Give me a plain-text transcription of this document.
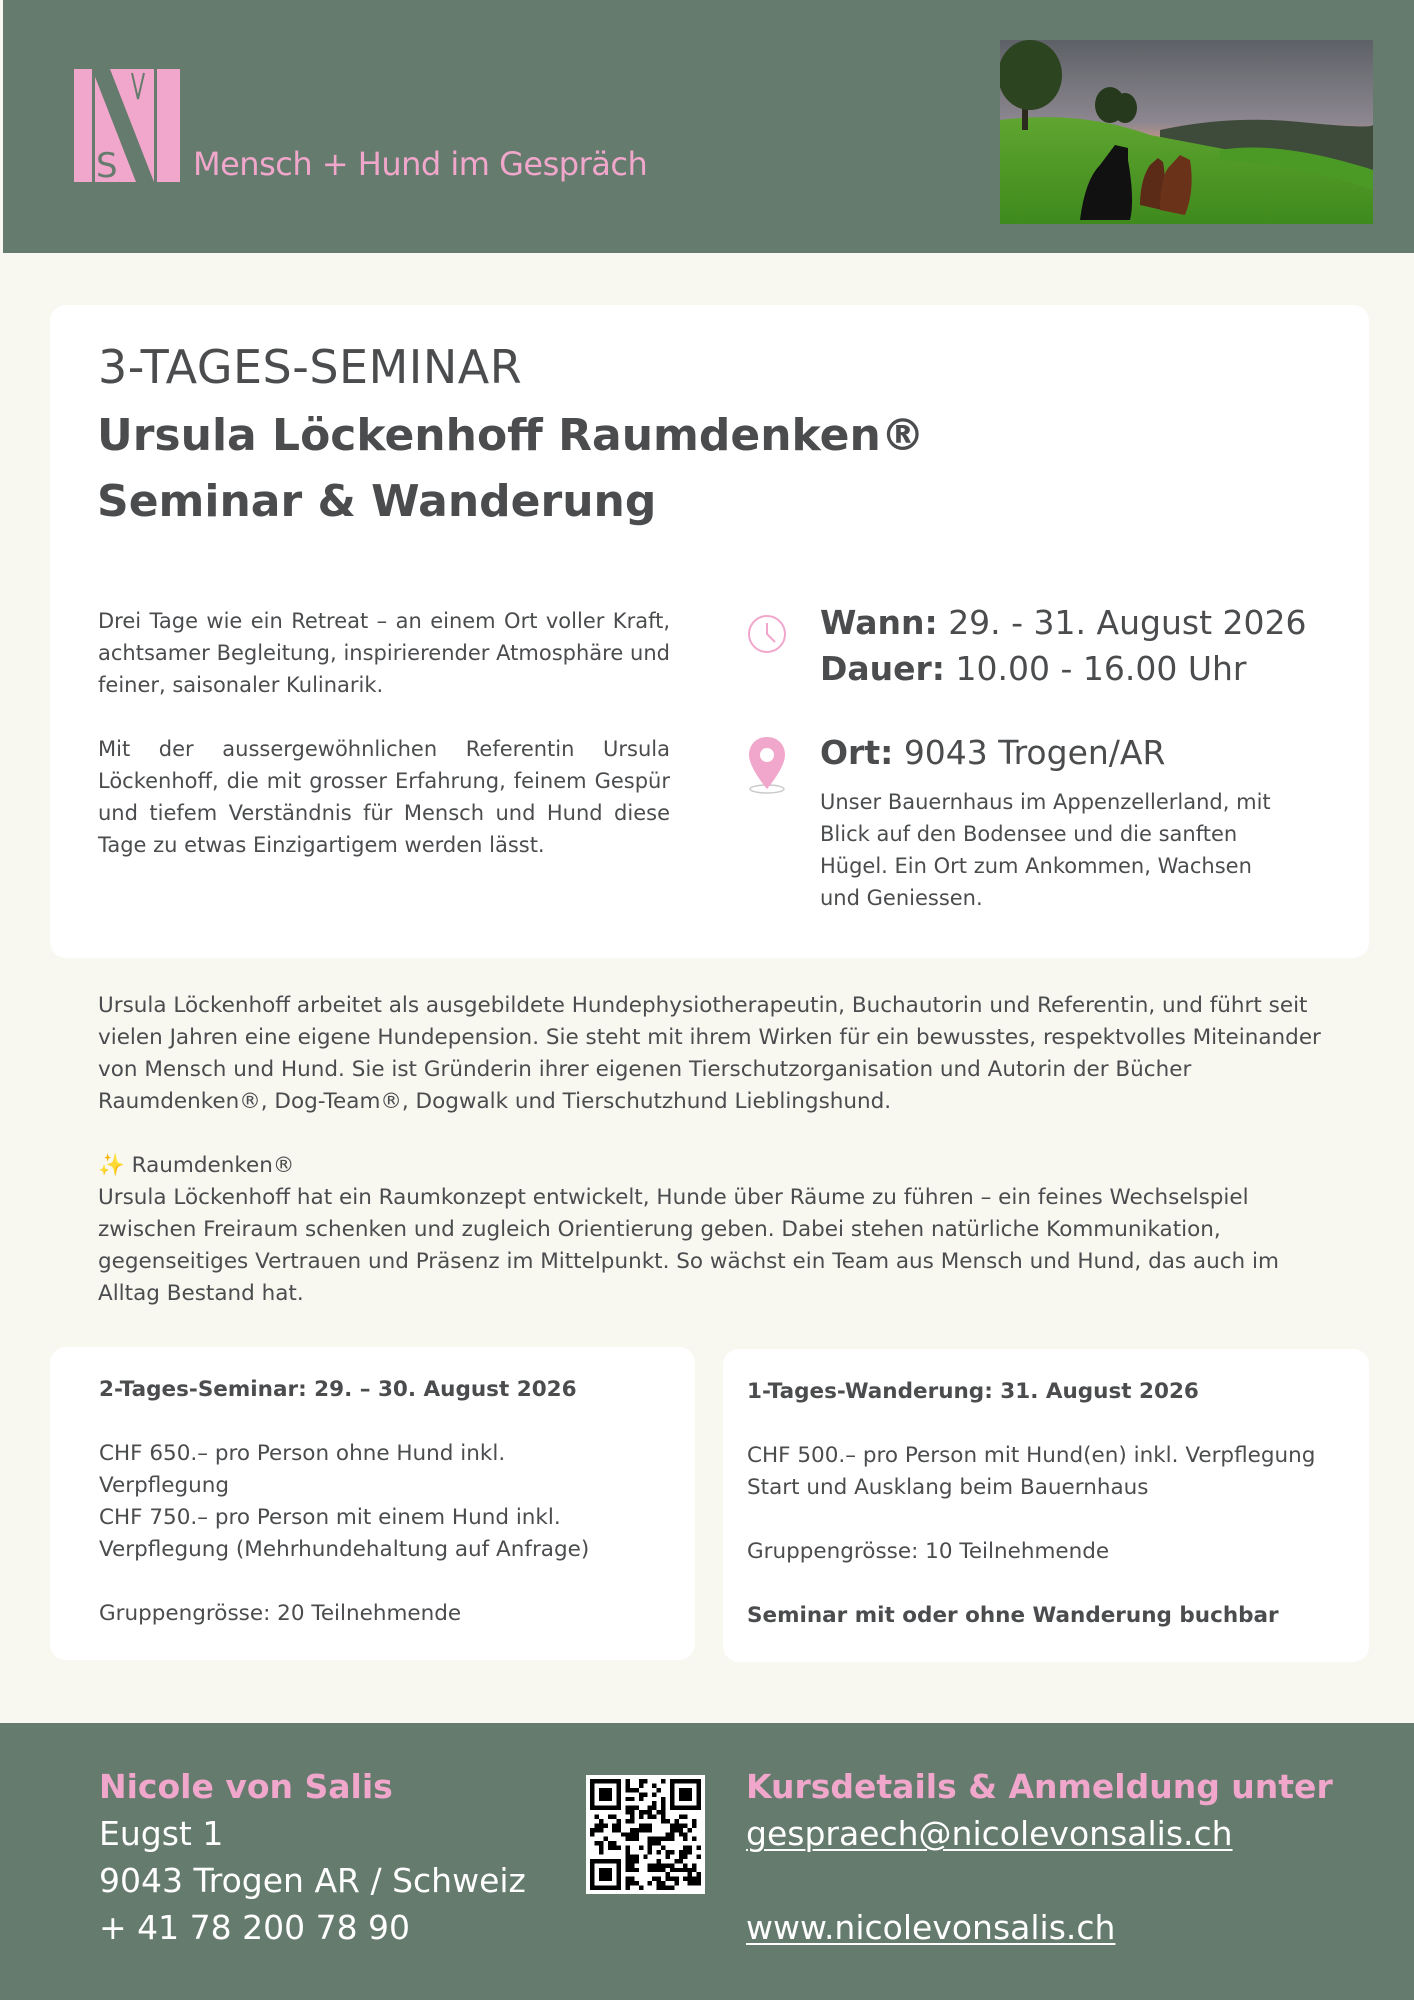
S Mensch + Hund im Gespräch
3-TAGES-SEMINAR
Ursula Löckenhoff Raumdenken®
Seminar & Wanderung

Drei Tage wie ein Retreat – an einem Ort voller Kraft, achtsamer Begleitung, inspirierender Atmosphäre und feiner, saisonaler Kulinarik.

Mit der aussergewöhnlichen Referentin Ursula Löckenhoff, die mit grosser Erfahrung, feinem Gespür und tiefem Verständnis für Mensch und Hund diese Tage zu etwas Einzigartigem werden lässt.

Wann: 29. - 31. August 2026
Dauer: 10.00 - 16.00 Uhr
Ort: 9043 Trogen/AR
Unser Bauernhaus im Appenzellerland, mit Blick auf den Bodensee und die sanften Hügel. Ein Ort zum Ankommen, Wachsen und Geniessen.

Ursula Löckenhoff arbeitet als ausgebildete Hundephysiotherapeutin, Buchautorin und Referentin, und führt seit vielen Jahren eine eigene Hundepension. Sie steht mit ihrem Wirken für ein bewusstes, respektvolles Miteinander von Mensch und Hund. Sie ist Gründerin ihrer eigenen Tierschutzorganisation und Autorin der Bücher Raumdenken®, Dog-Team®, Dogwalk und Tierschutzhund Lieblingshund.

✨ Raumdenken®

Ursula Löckenhoff hat ein Raumkonzept entwickelt, Hunde über Räume zu führen – ein feines Wechselspiel zwischen Freiraum schenken und zugleich Orientierung geben. Dabei stehen natürliche Kommunikation, gegenseitiges Vertrauen und Präsenz im Mittelpunkt. So wächst ein Team aus Mensch und Hund, das auch im Alltag Bestand hat.

2-Tages-Seminar: 29. – 30. August 2026
CHF 650.– pro Person ohne Hund inkl. Verpflegung
CHF 750.– pro Person mit einem Hund inkl. Verpflegung (Mehrhundehaltung auf Anfrage)
Gruppengrösse: 20 Teilnehmende
1-Tages-Wanderung: 31. August 2026
CHF 500.– pro Person mit Hund(en) inkl. Verpflegung
Start und Ausklang beim Bauernhaus
Gruppengrösse: 10 Teilnehmende
Seminar mit oder ohne Wanderung buchbar
Nicole von Salis
Eugst 1
9043 Trogen AR / Schweiz
+ 41 78 200 78 90
Kursdetails & Anmeldung unter
gespraech@nicolevonsalis.ch
www.nicolevonsalis.ch
